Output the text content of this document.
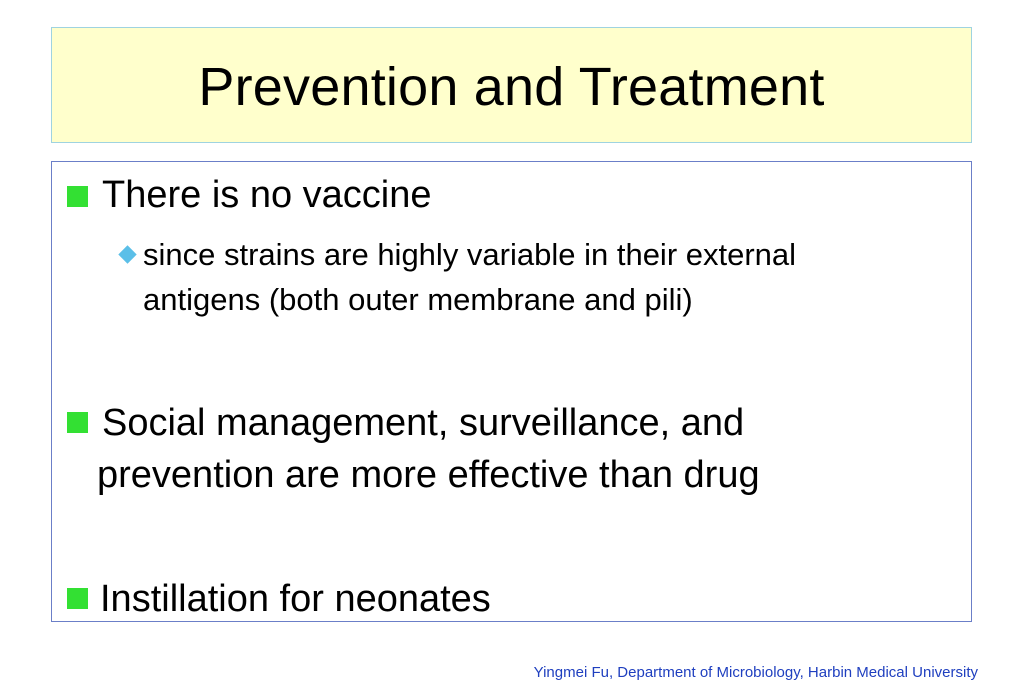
Prevention and Treatment
There is no vaccine
since strains are highly variable in their external
antigens (both outer membrane and pili)
Social management, surveillance, and
prevention are more effective than drug
Instillation for neonates
Yingmei Fu, Department of Microbiology, Harbin Medical University
